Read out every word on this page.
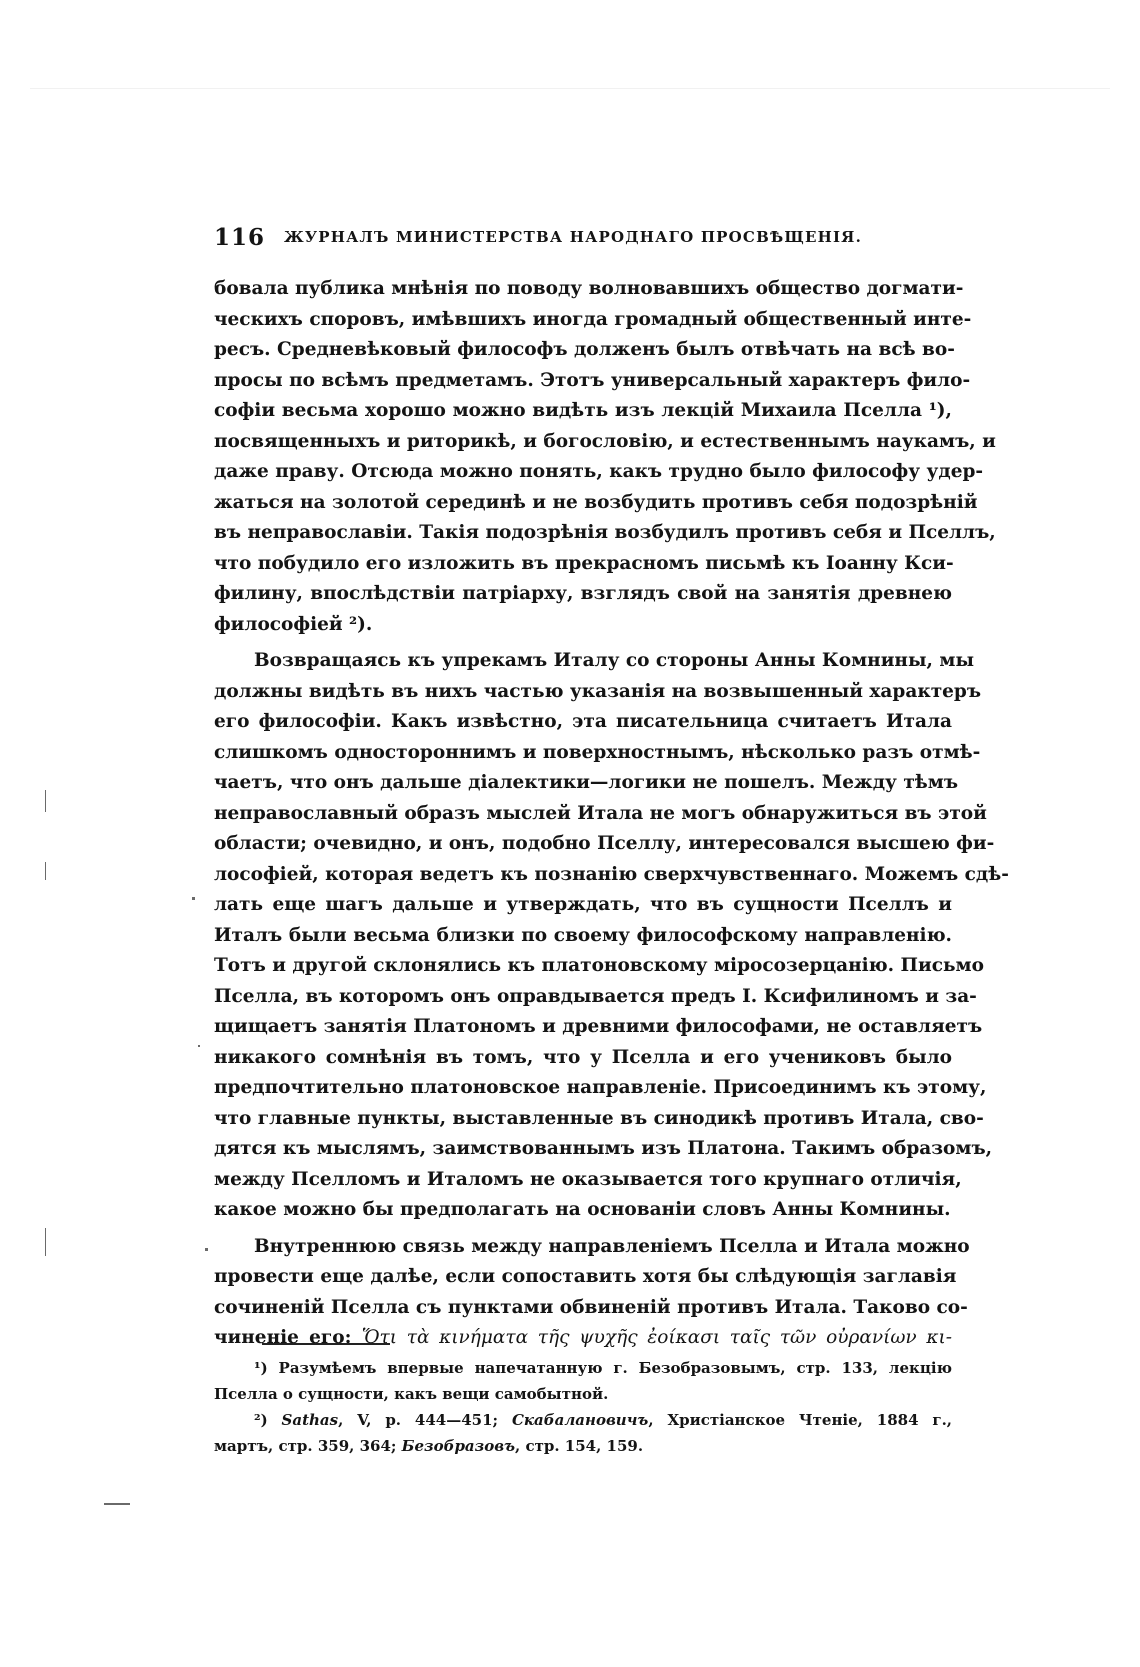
116 ЖУРНАЛЪ МИНИСТЕРСТВА НАРОДНАГО ПРОСВѢЩЕНІЯ.
бовала публика мнѣнія по поводу волновавшихъ общество догмати-
ческихъ споровъ, имѣвшихъ иногда громадный общественный инте-
ресъ. Средневѣковый философъ долженъ былъ отвѣчать на всѣ во-
просы по всѣмъ предметамъ. Этотъ универсальный характеръ фило-
софіи весьма хорошо можно видѣть изъ лекцій Михаила Пселла ¹),
посвященныхъ и риторикѣ, и богословію, и естественнымъ наукамъ, и
даже праву. Отсюда можно понять, какъ трудно было философу удер-
жаться на золотой серединѣ и не возбудить противъ себя подозрѣній
въ неправославіи. Такія подозрѣнія возбудилъ противъ себя и Пселлъ,
что побудило его изложить въ прекрасномъ письмѣ къ Іоанну Кси-
филину, впослѣдствіи патріарху, взглядъ свой на занятія древнею
философіей ²).
Возвращаясь къ упрекамъ Италу со стороны Анны Комнины, мы
должны видѣть въ нихъ частью указанія на возвышенный характеръ
его философіи. Какъ извѣстно, эта писательница считаетъ Итала
слишкомъ одностороннимъ и поверхностнымъ, нѣсколько разъ отмѣ-
чаетъ, что онъ дальше діалектики—логики не пошелъ. Между тѣмъ
неправославный образъ мыслей Итала не могъ обнаружиться въ этой
области; очевидно, и онъ, подобно Пселлу, интересовался высшею фи-
лософіей, которая ведетъ къ познанію сверхчувственнаго. Можемъ сдѣ-
лать еще шагъ дальше и утверждать, что въ сущности Пселлъ и
Италъ были весьма близки по своему философскому направленію.
Тотъ и другой склонялись къ платоновскому міросозерцанію. Письмо
Пселла, въ которомъ онъ оправдывается предъ І. Ксифилиномъ и за-
щищаетъ занятія Платономъ и древними философами, не оставляетъ
никакого сомнѣнія въ томъ, что у Пселла и его учениковъ было
предпочтительно платоновское направленіе. Присоединимъ къ этому,
что главные пункты, выставленные въ синодикѣ противъ Итала, сво-
дятся къ мыслямъ, заимствованнымъ изъ Платона. Такимъ образомъ,
между Пселломъ и Италомъ не оказывается того крупнаго отличія,
какое можно бы предполагать на основаніи словъ Анны Комнины.
Внутреннюю связь между направленіемъ Пселла и Итала можно
провести еще далѣе, если сопоставить хотя бы слѣдующія заглавія
сочиненій Пселла съ пунктами обвиненій противъ Итала. Таково со-
чиненіе его: Ὅτι τὰ κινήματα τῆς ψυχῆς ἐοίκασι ταῖς τῶν οὐρανίων κι-
¹) Разумѣемъ впервые напечатанную г. Безобразовымъ, стр. 133, лекцію
Пселла о сущности, какъ вещи самобытной.
²) Sathas, V, p. 444—451; Скабалановичъ, Христіанское Чтеніе, 1884 г.,
мартъ, стр. 359, 364; Безобразовъ, стр. 154, 159.
